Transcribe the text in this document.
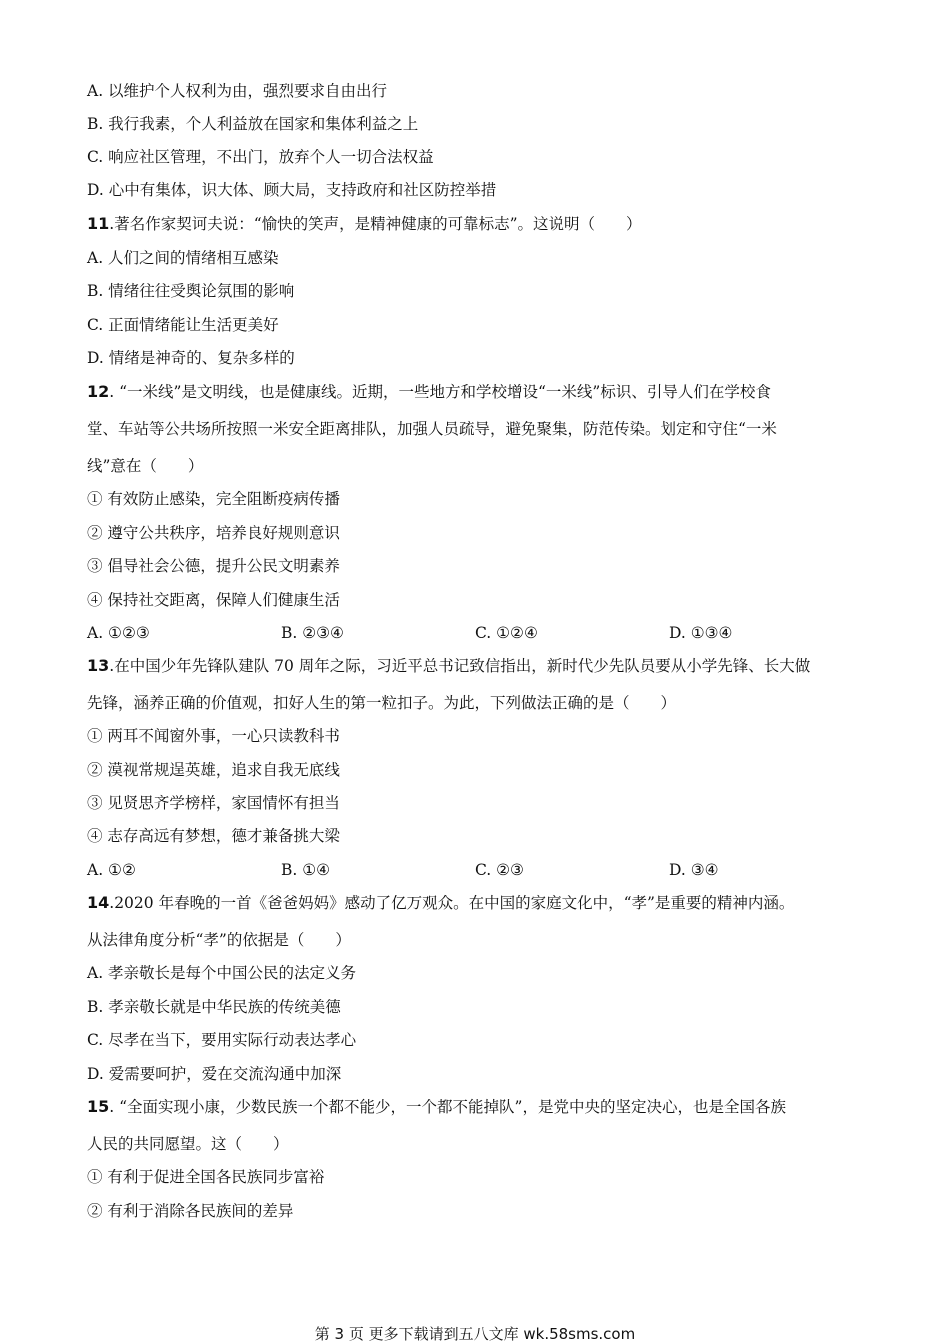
A. 以维护个人权利为由，强烈要求自由出行
B. 我行我素，个人利益放在国家和集体利益之上
C. 响应社区管理，不出门，放弃个人一切合法权益
D. 心中有集体，识大体、顾大局，支持政府和社区防控举措
11.著名作家契诃夫说：“愉快的笑声，是精神健康的可靠标志”。这说明（　　）
A. 人们之间的情绪相互感染
B. 情绪往往受舆论氛围的影响
C. 正面情绪能让生活更美好
D. 情绪是神奇的、复杂多样的
12. “一米线”是文明线，也是健康线。近期，一些地方和学校增设“一米线”标识、引导人们在学校食
堂、车站等公共场所按照一米安全距离排队，加强人员疏导，避免聚集，防范传染。划定和守住“一米
线”意在（　　）
① 有效防止感染，完全阻断疫病传播
② 遵守公共秩序，培养良好规则意识
③ 倡导社会公德，提升公民文明素养
④ 保持社交距离，保障人们健康生活
A. ①②③	B. ②③④	C. ①②④	D. ①③④
13.在中国少年先锋队建队 70 周年之际，习近平总书记致信指出，新时代少先队员要从小学先锋、长大做
先锋，涵养正确的价值观，扣好人生的第一粒扣子。为此，下列做法正确的是（　　）
① 两耳不闻窗外事，一心只读教科书
② 漠视常规逞英雄，追求自我无底线
③ 见贤思齐学榜样，家国情怀有担当
④ 志存高远有梦想，德才兼备挑大梁
A. ①②	B. ①④	C. ②③	D. ③④
14.2020 年春晚的一首《爸爸妈妈》感动了亿万观众。在中国的家庭文化中，“孝”是重要的精神内涵。
从法律角度分析“孝”的依据是（　　）
A. 孝亲敬长是每个中国公民的法定义务
B. 孝亲敬长就是中华民族的传统美德
C. 尽孝在当下，要用实际行动表达孝心
D. 爱需要呵护，爱在交流沟通中加深
15. “全面实现小康，少数民族一个都不能少，一个都不能掉队”，是党中央的坚定决心，也是全国各族
人民的共同愿望。这（　　）
① 有利于促进全国各民族同步富裕
② 有利于消除各民族间的差异
第 3 页 更多下载请到五八文库 wk.58sms.com
